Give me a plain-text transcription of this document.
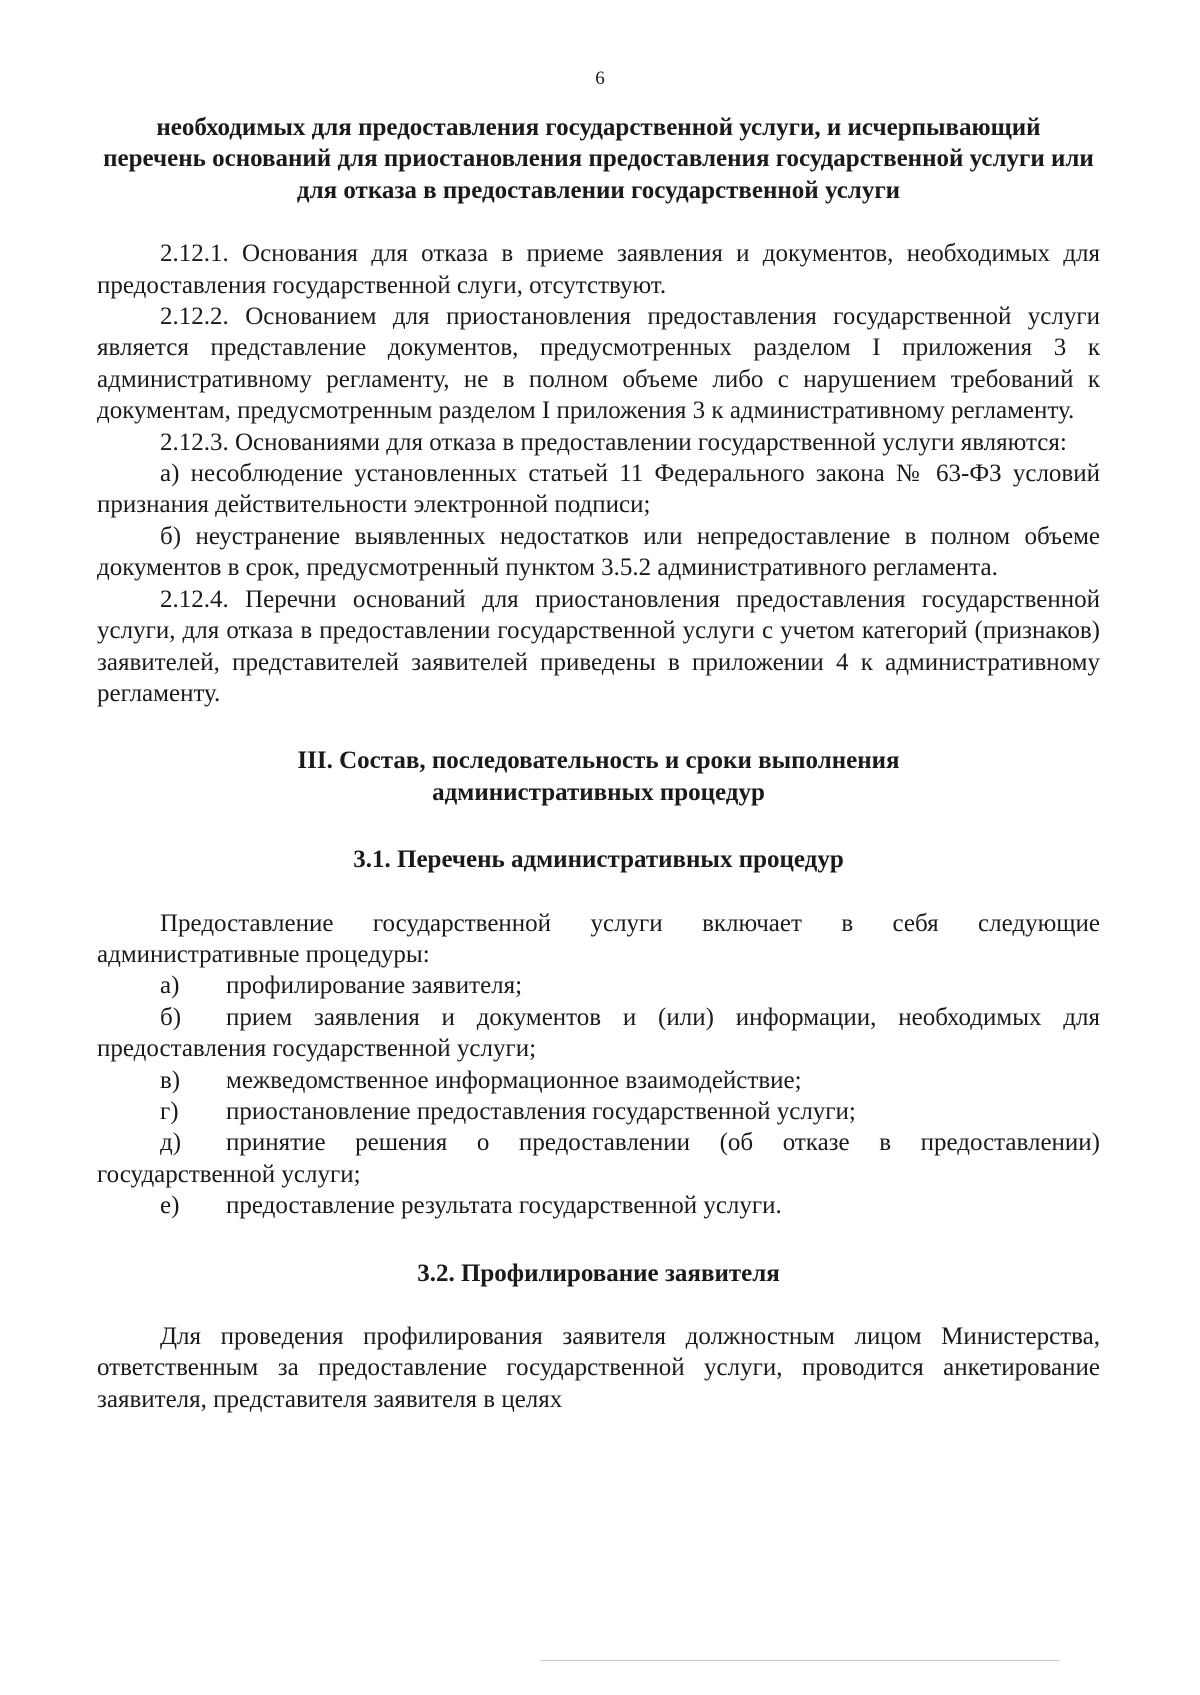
6

необходимых для предоставления государственной услуги, и исчерпывающий перечень оснований для приостановления предоставления государственной услуги или для отказа в предоставлении государственной услуги

2.12.1. Основания для отказа в приеме заявления и документов, необходимых для предоставления государственной слуги, отсутствуют.

2.12.2. Основанием для приостановления предоставления государственной услуги является представление документов, предусмотренных разделом I приложения 3 к административному регламенту, не в полном объеме либо с нарушением требований к документам, предусмотренным разделом I приложения 3 к административному регламенту.

2.12.3. Основаниями для отказа в предоставлении государственной услуги являются:

а) несоблюдение установленных статьей 11 Федерального закона № 63-ФЗ условий признания действительности электронной подписи;

б) неустранение выявленных недостатков или непредоставление в полном объеме документов в срок, предусмотренный пунктом 3.5.2 административного регламента.

2.12.4. Перечни оснований для приостановления предоставления государственной услуги, для отказа в предоставлении государственной услуги с учетом категорий (признаков) заявителей, представителей заявителей приведены в приложении 4 к административному регламенту.

III. Состав, последовательность и сроки выполнения административных процедур

3.1. Перечень административных процедур

Предоставление государственной услуги включает в себя следующие административные процедуры:

а) профилирование заявителя;

б) прием заявления и документов и (или) информации, необходимых для предоставления государственной услуги;

в) межведомственное информационное взаимодействие;

г) приостановление предоставления государственной услуги;

д) принятие решения о предоставлении (об отказе в предоставлении) государственной услуги;

е) предоставление результата государственной услуги.

3.2. Профилирование заявителя

Для проведения профилирования заявителя должностным лицом Министерства, ответственным за предоставление государственной услуги, проводится анкетирование заявителя, представителя заявителя в целях
